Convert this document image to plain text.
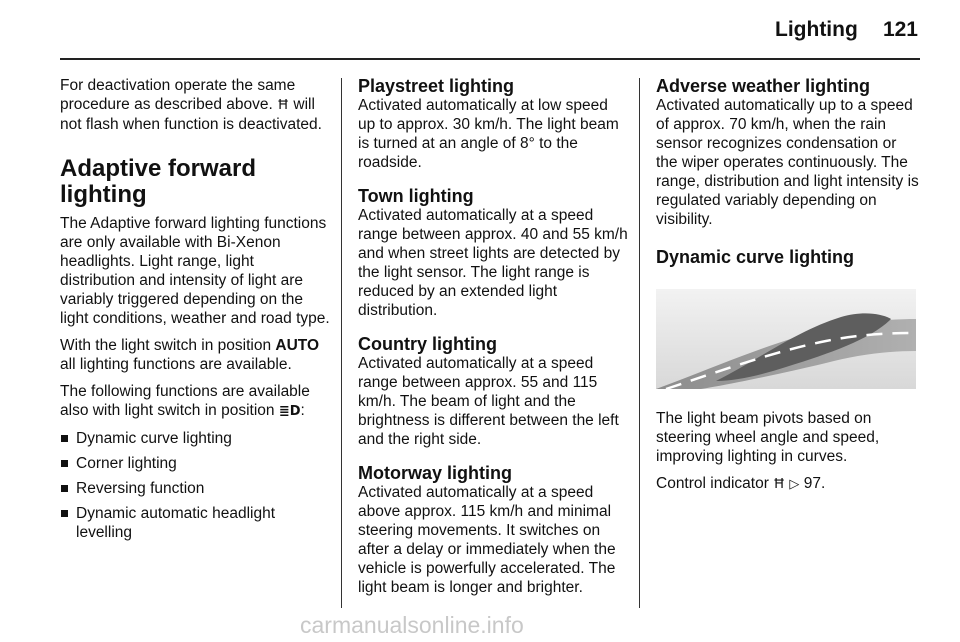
Lighting 121

For deactivation operate the same procedure as described above. Ħ will not flash when function is deactivated.

Adaptive forward lighting

The Adaptive forward lighting functions are only available with Bi-Xenon headlights. Light range, light distribution and intensity of light are variably triggered depending on the light conditions, weather and road type.

With the light switch in position AUTO all lighting functions are available.

The following functions are available also with light switch in position ≣D:

Dynamic curve lighting
Corner lighting
Reversing function
Dynamic automatic headlight levelling
Playstreet lighting

Activated automatically at low speed up to approx. 30 km/h. The light beam is turned at an angle of 8° to the roadside.

Town lighting

Activated automatically at a speed range between approx. 40 and 55 km/h and when street lights are detected by the light sensor. The light range is reduced by an extended light distribution.

Country lighting

Activated automatically at a speed range between approx. 55 and 115 km/h. The beam of light and the brightness is different between the left and the right side.

Motorway lighting

Activated automatically at a speed above approx. 115 km/h and minimal steering movements. It switches on after a delay or immediately when the vehicle is powerfully accelerated. The light beam is longer and brighter.

Adverse weather lighting

Activated automatically up to a speed of approx. 70 km/h, when the rain sensor recognizes condensation or the wiper operates continuously. The range, distribution and light intensity is regulated variably depending on visibility.

Dynamic curve lighting

The light beam pivots based on steering wheel angle and speed, improving lighting in curves.

Control indicator Ħ ▷ 97.

carmanualsonline.info
